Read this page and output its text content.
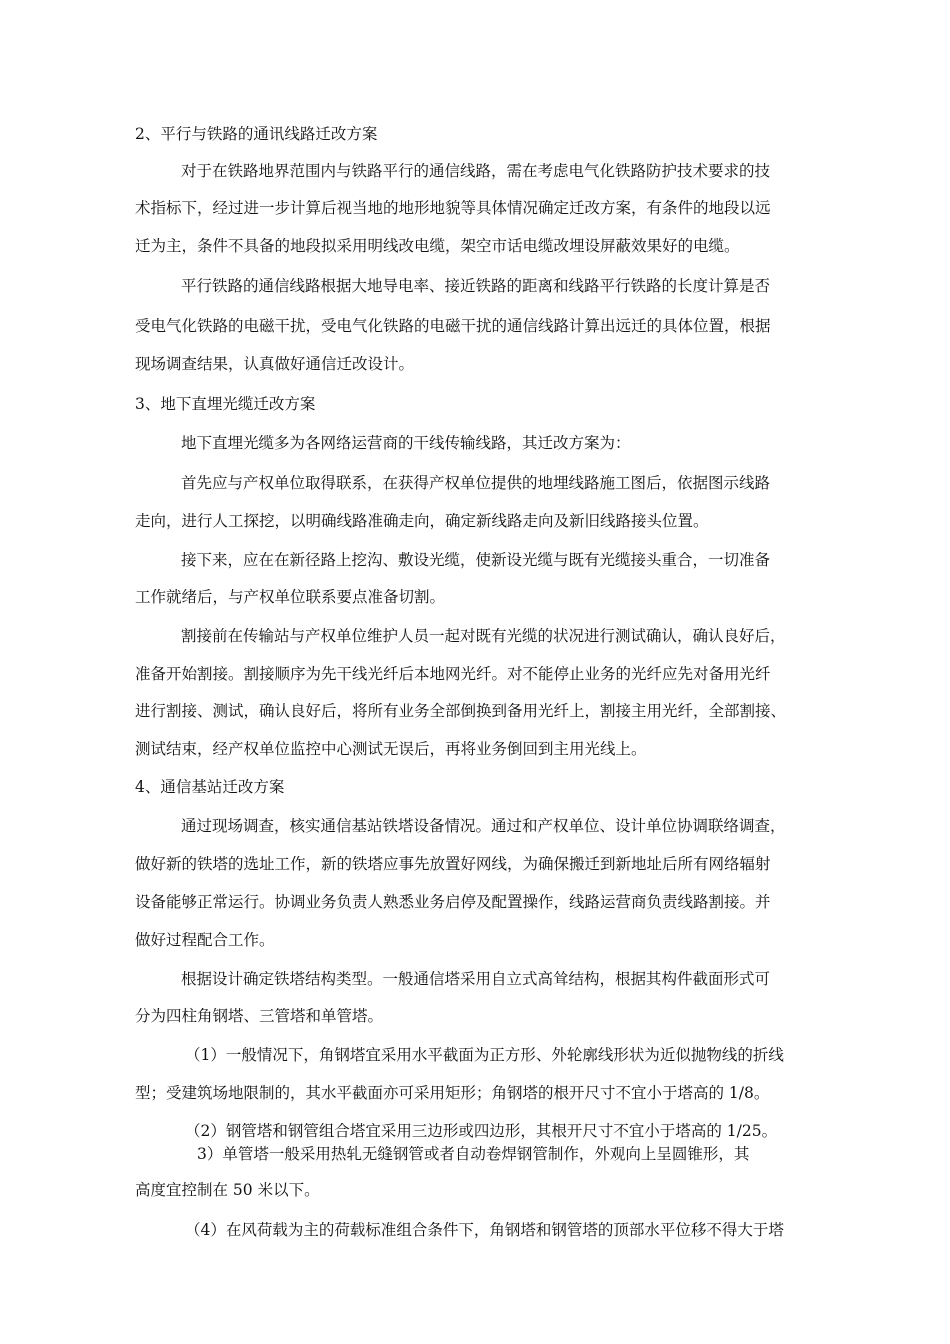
2、平行与铁路的通讯线路迁改方案
对于在铁路地界范围内与铁路平行的通信线路，需在考虑电气化铁路防护技术要求的技
术指标下，经过进一步计算后视当地的地形地貌等具体情况确定迁改方案，有条件的地段以远
迁为主，条件不具备的地段拟采用明线改电缆，架空市话电缆改埋设屏蔽效果好的电缆。
平行铁路的通信线路根据大地导电率、接近铁路的距离和线路平行铁路的长度计算是否
受电气化铁路的电磁干扰，受电气化铁路的电磁干扰的通信线路计算出远迁的具体位置，根据
现场调查结果，认真做好通信迁改设计。
3、地下直埋光缆迁改方案
地下直埋光缆多为各网络运营商的干线传输线路，其迁改方案为：
首先应与产权单位取得联系，在获得产权单位提供的地埋线路施工图后，依据图示线路
走向，进行人工探挖，以明确线路准确走向，确定新线路走向及新旧线路接头位置。
接下来，应在在新径路上挖沟、敷设光缆，使新设光缆与既有光缆接头重合，一切准备
工作就绪后，与产权单位联系要点准备切割。
割接前在传输站与产权单位维护人员一起对既有光缆的状况进行测试确认，确认良好后，
准备开始割接。割接顺序为先干线光纤后本地网光纤。对不能停止业务的光纤应先对备用光纤
进行割接、测试，确认良好后，将所有业务全部倒换到备用光纤上，割接主用光纤，全部割接、
测试结束，经产权单位监控中心测试无误后，再将业务倒回到主用光线上。
4、通信基站迁改方案
通过现场调查，核实通信基站铁塔设备情况。通过和产权单位、设计单位协调联络调查，
做好新的铁塔的选址工作，新的铁塔应事先放置好网线，为确保搬迁到新地址后所有网络辐射
设备能够正常运行。协调业务负责人熟悉业务启停及配置操作，线路运营商负责线路割接。并
做好过程配合工作。
根据设计确定铁塔结构类型。一般通信塔采用自立式高耸结构，根据其构件截面形式可
分为四柱角钢塔、三管塔和单管塔。
（1）一般情况下，角钢塔宜采用水平截面为正方形、外轮廓线形状为近似抛物线的折线
型；受建筑场地限制的，其水平截面亦可采用矩形；角钢塔的根开尺寸不宜小于塔高的 1/8。
（2）钢管塔和钢管组合塔宜采用三边形或四边形，其根开尺寸不宜小于塔高的 1/25。
3）单管塔一般采用热轧无缝钢管或者自动卷焊钢管制作，外观向上呈圆锥形，其
高度宜控制在 50 米以下。
（4）在风荷载为主的荷载标准组合条件下，角钢塔和钢管塔的顶部水平位移不得大于塔
